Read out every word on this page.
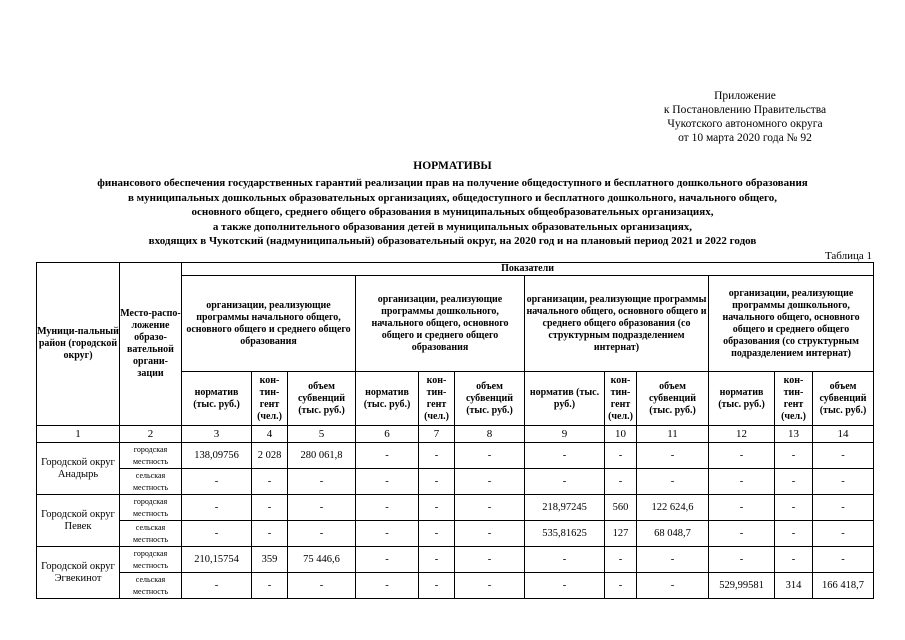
Приложение
к Постановлению Правительства
Чукотского автономного округа
от 10 марта 2020 года № 92
НОРМАТИВЫ
финансового обеспечения государственных гарантий реализации прав на получение общедоступного и бесплатного дошкольного образования
в муниципальных дошкольных образовательных организациях, общедоступного и бесплатного дошкольного, начального общего,
основного общего, среднего общего образования в муниципальных общеобразовательных организациях,
а также дополнительного образования детей в муниципальных образовательных организациях,
входящих в Чукотский (надмуниципальный) образовательный округ, на 2020 год и на плановый период 2021 и 2022 годов
Таблица 1
Муници-пальный район (городской округ)	Место-распо-ложение образо-вательной органи-зации	Показатели											
		организации, реализующие программы начального общего, основного общего и среднего общего образования			организации, реализующие программы дошкольного, начального общего, основного общего и среднего общего образования			организации, реализующие программы начального общего, основного общего и среднего общего образования (со структурным подразделением интернат)			организации, реализующие программы дошкольного, начального общего, основного общего и среднего общего образования (со структурным подразделением интернат)		
		норматив (тыс. руб.)	кон-тин-гент (чел.)	объем субвенций (тыс. руб.)	норматив (тыс. руб.)	кон-тин-гент (чел.)	объем субвенций (тыс. руб.)	норматив (тыс. руб.)	кон-тин-гент (чел.)	объем субвенций (тыс. руб.)	норматив (тыс. руб.)	кон-тин-гент (чел.)	объем субвенций (тыс. руб.)
1	2	3	4	5	6	7	8	9	10	11	12	13	14
Городской округ Анадырь	городская местность	138,09756	2 028	280 061,8	-	-	-	-	-	-	-	-	-
	сельская местность	-	-	-	-	-	-	-	-	-	-	-	-
Городской округ Певек	городская местность	-	-	-	-	-	-	218,97245	560	122 624,6	-	-	-
	сельская местность	-	-	-	-	-	-	535,81625	127	68 048,7	-	-	-
Городской округ Эгвекинот	городская местность	210,15754	359	75 446,6	-	-	-	-	-	-	-	-	-
	сельская местность	-	-	-	-	-	-	-	-	-	529,99581	314	166 418,7
